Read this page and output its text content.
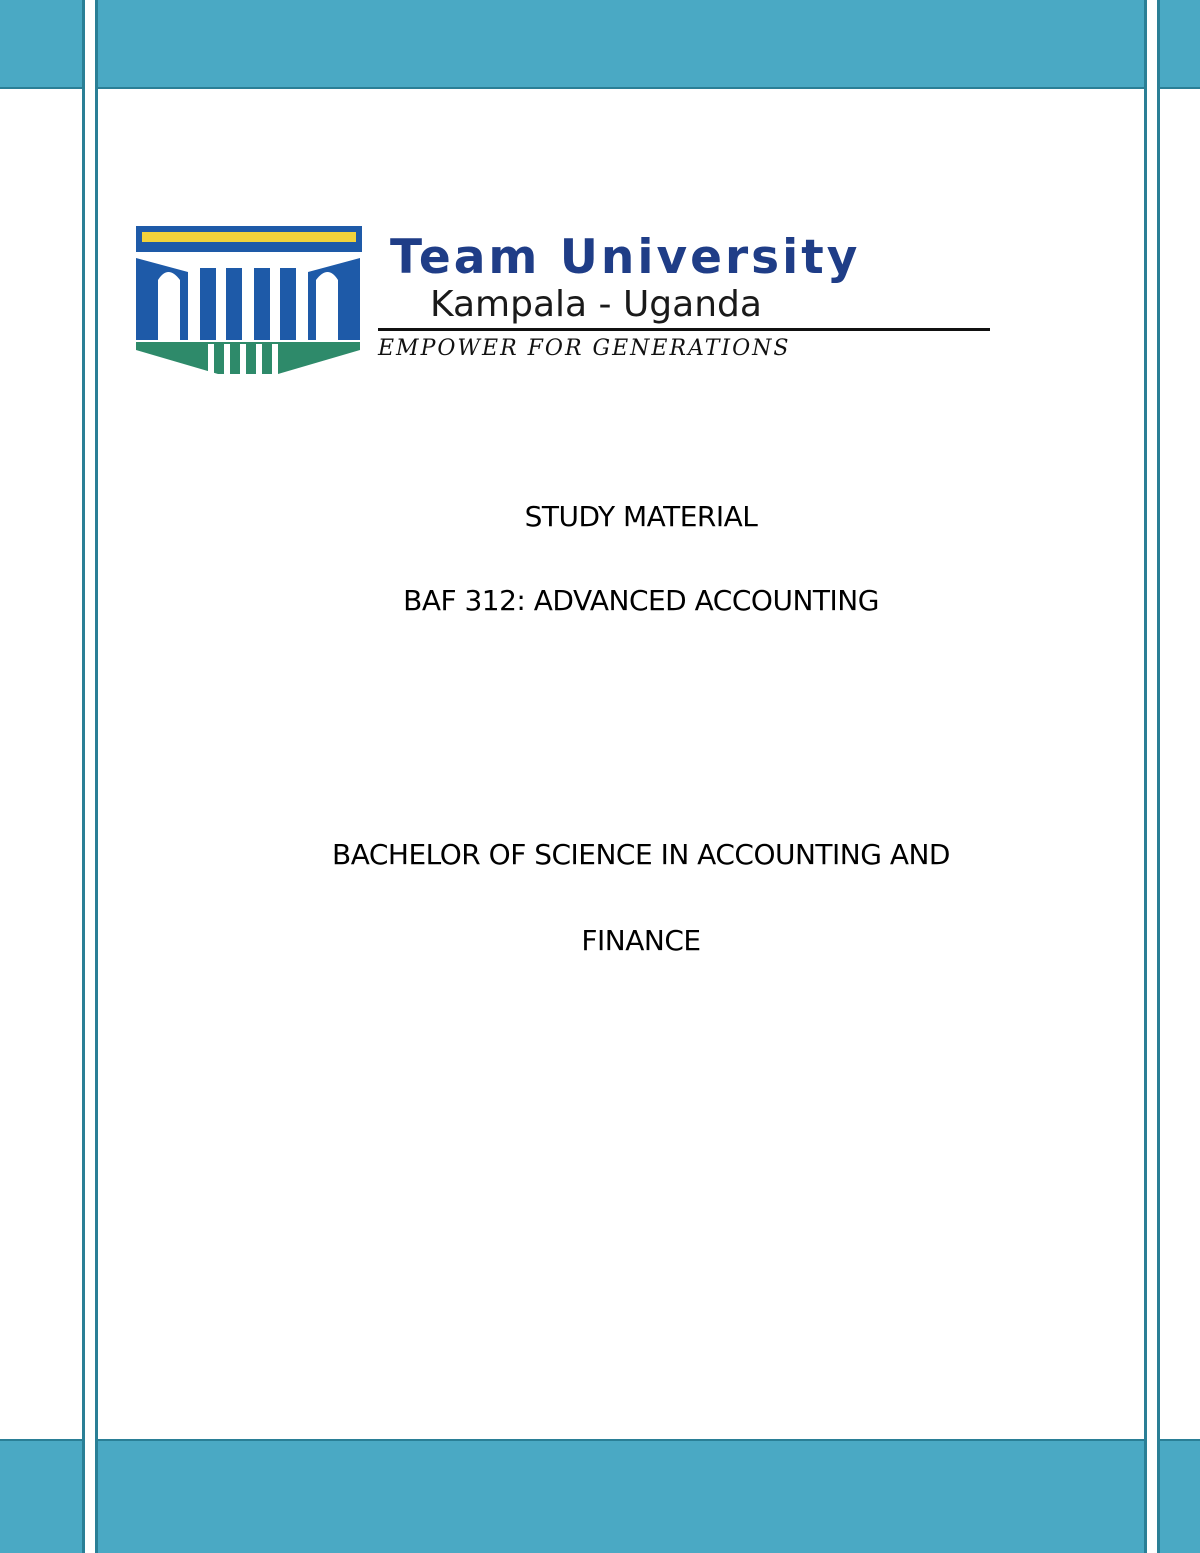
Team University
Kampala - Uganda
EMPOWER FOR GENERATIONS
STUDY MATERIAL
BAF 312: ADVANCED ACCOUNTING
BACHELOR OF SCIENCE IN ACCOUNTING AND
FINANCE
